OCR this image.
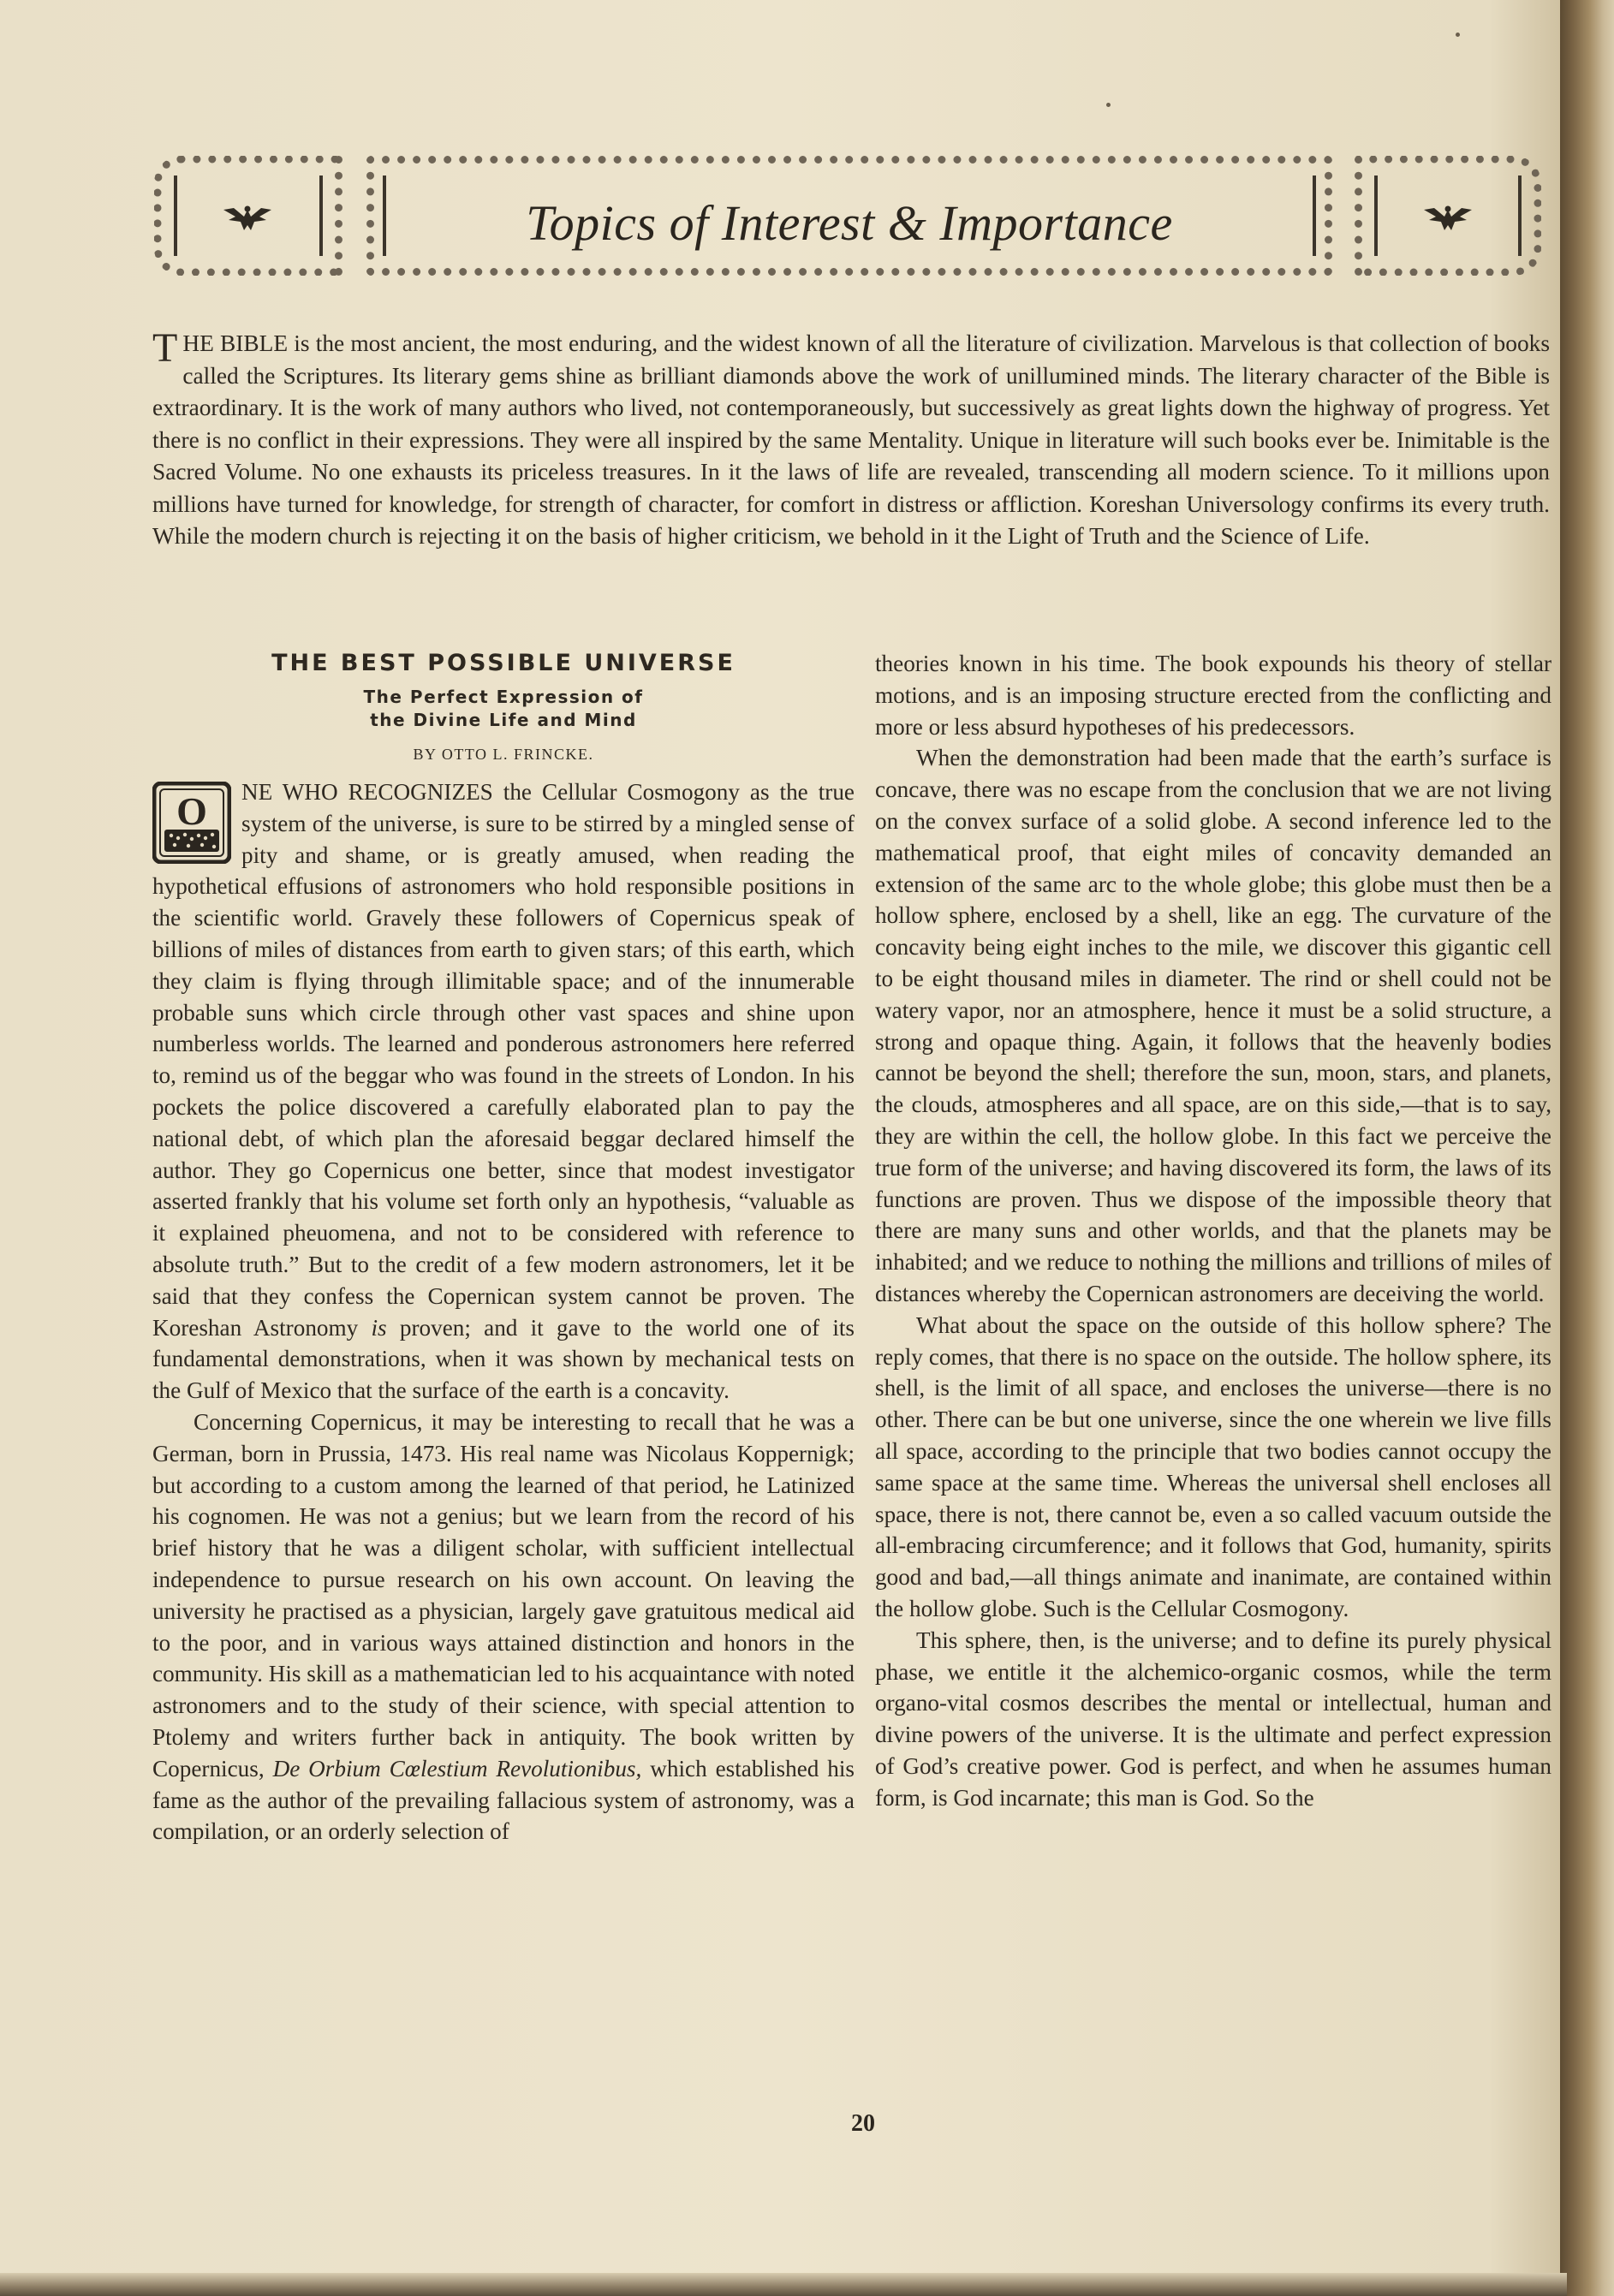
Topics of Interest & Importance

THE BIBLE is the most ancient, the most enduring, and the widest known of all the literature of civilization. Marvelous is that collection of books called the Scriptures. Its literary gems shine as brilliant diamonds above the work of unillumined minds. The literary character of the Bible is extraordinary. It is the work of many authors who lived, not contemporaneously, but successively as great lights down the highway of progress. Yet there is no conflict in their expressions. They were all inspired by the same Mentality. Unique in literature will such books ever be. Inimitable is the Sacred Volume. No one exhausts its priceless treasures. In it the laws of life are revealed, transcending all modern science. To it millions upon millions have turned for knowledge, for strength of character, for comfort in distress or affliction. Koreshan Universology confirms its every truth. While the modern church is rejecting it on the basis of higher criticism, we behold in it the Light of Truth and the Science of Life.

THE BEST POSSIBLE UNIVERSE
The Perfect Expression of
the Divine Life and Mind
BY OTTO L. FRINCKE.

O NE WHO RECOGNIZES the Cellular Cosmogony as the true system of the universe, is sure to be stirred by a mingled sense of pity and shame, or is greatly amused, when reading the hypothetical effusions of astronomers who hold responsible positions in the scientific world. Gravely these followers of Copernicus speak of billions of miles of distances from earth to given stars; of this earth, which they claim is flying through illimitable space; and of the innumerable probable suns which circle through other vast spaces and shine upon numberless worlds. The learned and ponderous astronomers here referred to, remind us of the beggar who was found in the streets of London. In his pockets the police discovered a carefully elaborated plan to pay the national debt, of which plan the aforesaid beggar declared himself the author. They go Copernicus one better, since that modest investigator asserted frankly that his volume set forth only an hypothesis, “valuable as it explained pheuomena, and not to be considered with reference to absolute truth.” But to the credit of a few modern astronomers, let it be said that they confess the Copernican system cannot be proven. The Koreshan Astronomy is proven; and it gave to the world one of its fundamental demonstrations, when it was shown by mechanical tests on the Gulf of Mexico that the surface of the earth is a concavity.

Concerning Copernicus, it may be interesting to recall that he was a German, born in Prussia, 1473. His real name was Nicolaus Koppernigk; but according to a custom among the learned of that period, he Latinized his cognomen. He was not a genius; but we learn from the record of his brief history that he was a diligent scholar, with sufficient intellectual independence to pursue research on his own account. On leaving the university he practised as a physician, largely gave gratuitous medical aid to the poor, and in various ways attained distinction and honors in the community. His skill as a mathematician led to his acquaintance with noted astronomers and to the study of their science, with special attention to Ptolemy and writers further back in antiquity. The book written by Copernicus, De Orbium Cœlestium Revolutionibus, which established his fame as the author of the prevailing fallacious system of astronomy, was a compilation, or an orderly selection of

theories known in his time. The book expounds his theory of stellar motions, and is an imposing structure erected from the conflicting and more or less absurd hypotheses of his predecessors.

When the demonstration had been made that the earth’s surface is concave, there was no escape from the conclusion that we are not living on the convex surface of a solid globe. A second inference led to the mathematical proof, that eight miles of concavity demanded an extension of the same arc to the whole globe; this globe must then be a hollow sphere, enclosed by a shell, like an egg. The curvature of the concavity being eight inches to the mile, we discover this gigantic cell to be eight thousand miles in diameter. The rind or shell could not be watery vapor, nor an atmosphere, hence it must be a solid structure, a strong and opaque thing. Again, it follows that the heavenly bodies cannot be beyond the shell; therefore the sun, moon, stars, and planets, the clouds, atmospheres and all space, are on this side,—that is to say, they are within the cell, the hollow globe. In this fact we perceive the true form of the universe; and having discovered its form, the laws of its functions are proven. Thus we dispose of the impossible theory that there are many suns and other worlds, and that the planets may be inhabited; and we reduce to nothing the millions and trillions of miles of distances whereby the Copernican astronomers are deceiving the world.

What about the space on the outside of this hollow sphere? The reply comes, that there is no space on the outside. The hollow sphere, its shell, is the limit of all space, and encloses the universe—there is no other. There can be but one universe, since the one wherein we live fills all space, according to the principle that two bodies cannot occupy the same space at the same time. Whereas the universal shell encloses all space, there is not, there cannot be, even a so called vacuum outside the all-embracing circumference; and it follows that God, humanity, spirits good and bad,—all things animate and inanimate, are contained within the hollow globe. Such is the Cellular Cosmogony.

This sphere, then, is the universe; and to define its purely physical phase, we entitle it the alchemico-organic cosmos, while the term organo-vital cosmos describes the mental or intellectual, human and divine powers of the universe. It is the ultimate and perfect expression of God’s creative power. God is perfect, and when he assumes human form, is God incarnate; this man is God. So the

20
